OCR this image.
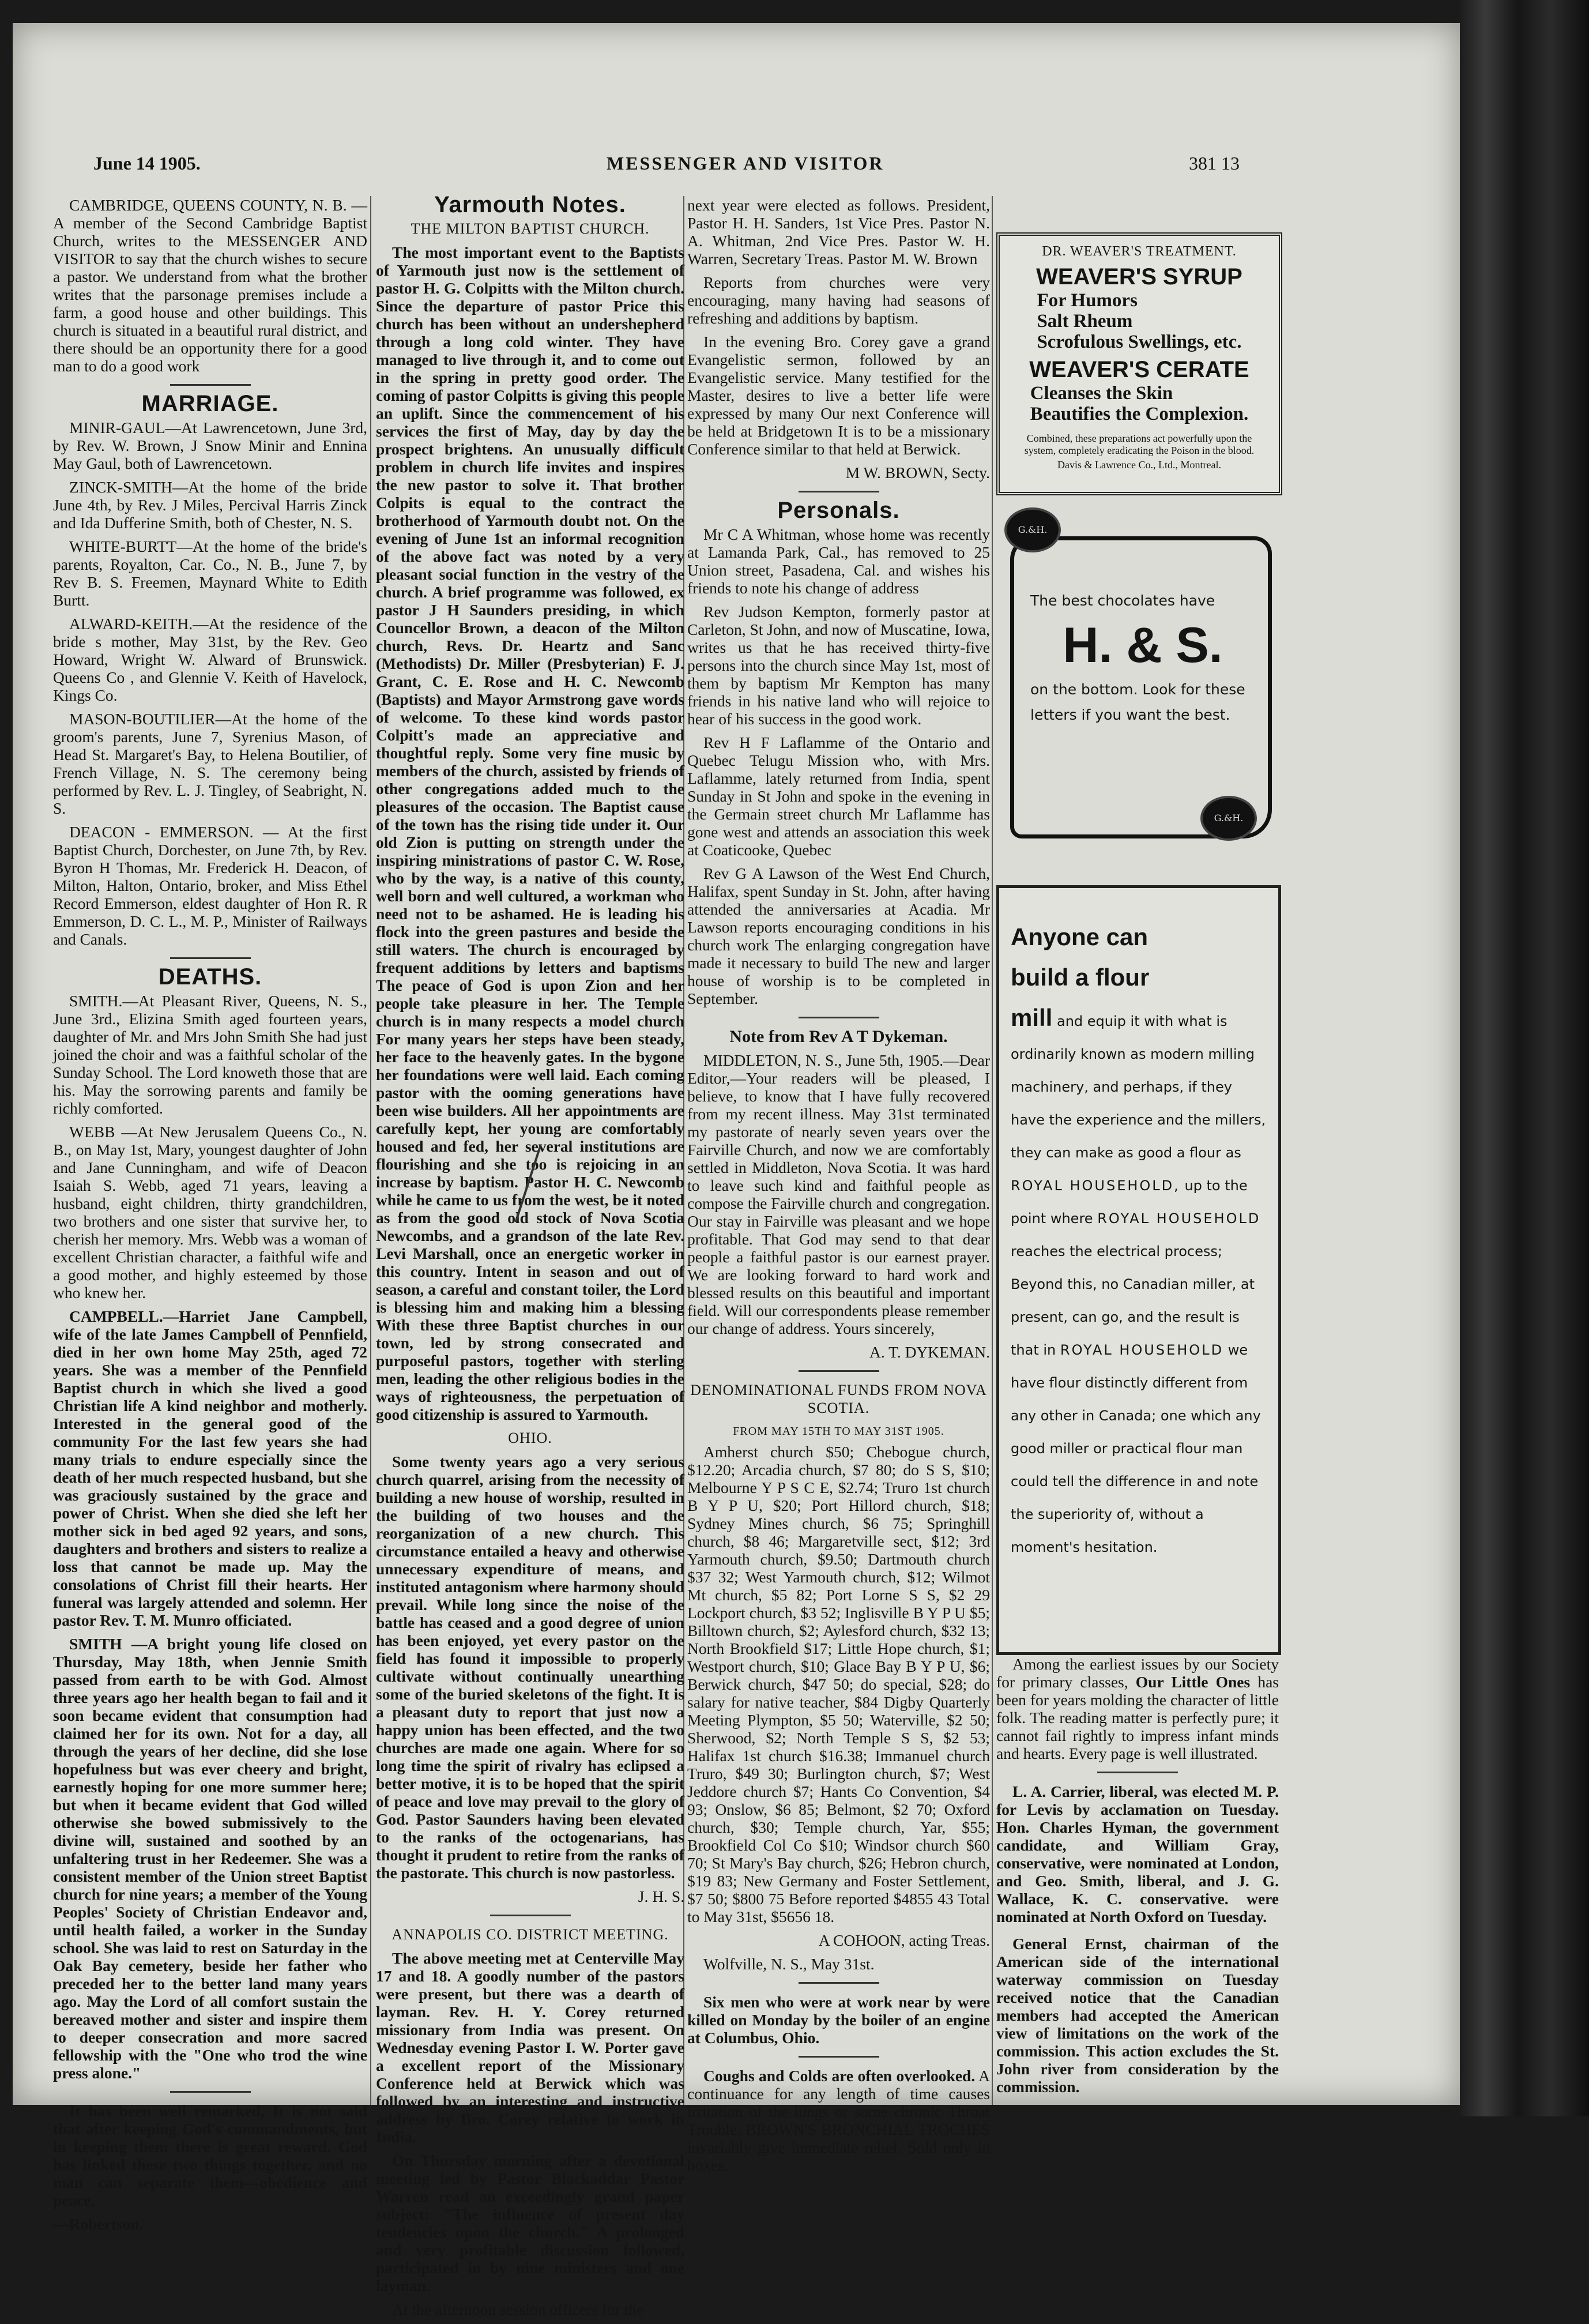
June 14 1905.	MESSENGER AND VISITOR	381 13

CAMBRIDGE, QUEENS COUNTY, N. B. —A member of the Second Cambridge Baptist Church, writes to the MESSENGER AND VISITOR to say that the church wishes to secure a pastor. We understand from what the brother writes that the parsonage premises include a farm, a good house and other buildings. This church is situated in a beautiful rural district, and there should be an opportunity there for a good man to do a good work

MARRIAGE.

MINIR-GAUL—At Lawrencetown, June 3rd, by Rev. W. Brown, J Snow Minir and Ennina May Gaul, both of Lawrencetown.

ZINCK-SMITH—At the home of the bride June 4th, by Rev. J Miles, Percival Harris Zinck and Ida Dufferine Smith, both of Chester, N. S.

WHITE-BURTT—At the home of the bride's parents, Royalton, Car. Co., N. B., June 7, by Rev B. S. Freemen, Maynard White to Edith Burtt.

ALWARD-KEITH.—At the residence of the bride s mother, May 31st, by the Rev. Geo Howard, Wright W. Alward of Brunswick. Queens Co , and Glennie V. Keith of Havelock, Kings Co.

MASON-BOUTILIER—At the home of the groom's parents, June 7, Syrenius Mason, of Head St. Margaret's Bay, to Helena Boutilier, of French Village, N. S. The ceremony being performed by Rev. L. J. Tingley, of Seabright, N. S.

DEACON - EMMERSON. — At the first Baptist Church, Dorchester, on June 7th, by Rev. Byron H Thomas, Mr. Frederick H. Deacon, of Milton, Halton, Ontario, broker, and Miss Ethel Record Emmerson, eldest daughter of Hon R. R Emmerson, D. C. L., M. P., Minister of Railways and Canals.

DEATHS.

SMITH.—At Pleasant River, Queens, N. S., June 3rd., Elizina Smith aged fourteen years, daughter of Mr. and Mrs John Smith She had just joined the choir and was a faithful scholar of the Sunday School. The Lord knoweth those that are his. May the sorrowing parents and family be richly comforted.

WEBB —At New Jerusalem Queens Co., N. B., on May 1st, Mary, youngest daughter of John and Jane Cunningham, and wife of Deacon Isaiah S. Webb, aged 71 years, leaving a husband, eight children, thirty grandchildren, two brothers and one sister that survive her, to cherish her memory. Mrs. Webb was a woman of excellent Christian character, a faithful wife and a good mother, and highly esteemed by those who knew her.

CAMPBELL.—Harriet Jane Campbell, wife of the late James Campbell of Pennfield, died in her own home May 25th, aged 72 years. She was a member of the Pennfield Baptist church in which she lived a good Christian life A kind neighbor and motherly. Interested in the general good of the community For the last few years she had many trials to endure especially since the death of her much respected husband, but she was graciously sustained by the grace and power of Christ. When she died she left her mother sick in bed aged 92 years, and sons, daughters and brothers and sisters to realize a loss that cannot be made up. May the consolations of Christ fill their hearts. Her funeral was largely attended and solemn. Her pastor Rev. T. M. Munro officiated.

SMITH —A bright young life closed on Thursday, May 18th, when Jennie Smith passed from earth to be with God. Almost three years ago her health began to fail and it soon became evident that consumption had claimed her for its own. Not for a day, all through the years of her decline, did she lose hopefulness but was ever cheery and bright, earnestly hoping for one more summer here; but when it became evident that God willed otherwise she bowed submissively to the divine will, sustained and soothed by an unfaltering trust in her Redeemer. She was a consistent member of the Union street Baptist church for nine years; a member of the Young Peoples' Society of Christian Endeavor and, until health failed, a worker in the Sunday school. She was laid to rest on Saturday in the Oak Bay cemetery, beside her father who preceded her to the better land many years ago. May the Lord of all comfort sustain the bereaved mother and sister and inspire them to deeper consecration and more sacred fellowship with the "One who trod the wine press alone."

It has been well remarked, It is not said that after keeping God's commandments, but in keeping them there is great reward. God has linked these two things together, and no man can separate them—obedience and peace.

—Robertson.

Yarmouth Notes.

THE MILTON BAPTIST CHURCH.

The most important event to the Baptists of Yarmouth just now is the settlement of pastor H. G. Colpitts with the Milton church. Since the departure of pastor Price this church has been without an undershepherd through a long cold winter. They have managed to live through it, and to come out in the spring in pretty good order. The coming of pastor Colpitts is giving this people an uplift. Since the commencement of his services the first of May, day by day the prospect brightens. An unusually difficult problem in church life invites and inspires the new pastor to solve it. That brother Colpits is equal to the contract the brotherhood of Yarmouth doubt not. On the evening of June 1st an informal recognition of the above fact was noted by a very pleasant social function in the vestry of the church. A brief programme was followed, ex pastor J H Saunders presiding, in which Councellor Brown, a deacon of the Milton church, Revs. Dr. Heartz and Sanc (Methodists) Dr. Miller (Presbyterian) F. J. Grant, C. E. Rose and H. C. Newcomb (Baptists) and Mayor Armstrong gave words of welcome. To these kind words pastor Colpitt's made an appreciative and thoughtful reply. Some very fine music by members of the church, assisted by friends of other congregations added much to the pleasures of the occasion. The Baptist cause of the town has the rising tide under it. Our old Zion is putting on strength under the inspiring ministrations of pastor C. W. Rose, who by the way, is a native of this county, well born and well cultured, a workman who need not to be ashamed. He is leading his flock into the green pastures and beside the still waters. The church is encouraged by frequent additions by letters and baptisms The peace of God is upon Zion and her people take pleasure in her. The Temple church is in many respects a model church For many years her steps have been steady, her face to the heavenly gates. In the bygone her foundations were well laid. Each coming pastor with the ooming generations have been wise builders. All her appointments are carefully kept, her young are comfortably housed and fed, her several institutions are flourishing and she too is rejoicing in an increase by baptism. Pastor H. C. Newcomb while he came to us from the west, be it noted as from the good old stock of Nova Scotia Newcombs, and a grandson of the late Rev. Levi Marshall, once an energetic worker in this country. Intent in season and out of season, a careful and constant toiler, the Lord is blessing him and making him a blessing With these three Baptist churches in our town, led by strong consecrated and purposeful pastors, together with sterling men, leading the other religious bodies in the ways of righteousness, the perpetuation of good citizenship is assured to Yarmouth.

OHIO.

Some twenty years ago a very serious church quarrel, arising from the necessity of building a new house of worship, resulted in the building of two houses and the reorganization of a new church. This circumstance entailed a heavy and otherwise unnecessary expenditure of means, and instituted antagonism where harmony should prevail. While long since the noise of the battle has ceased and a good degree of union has been enjoyed, yet every pastor on the field has found it impossible to properly cultivate without continually unearthing some of the buried skeletons of the fight. It is a pleasant duty to report that just now a happy union has been effected, and the two churches are made one again. Where for so long time the spirit of rivalry has eclipsed a better motive, it is to be hoped that the spirit of peace and love may prevail to the glory of God. Pastor Saunders having been elevated to the ranks of the octogenarians, has thought it prudent to retire from the ranks of the pastorate. This church is now pastorless.

J. H. S.

ANNAPOLIS CO. DISTRICT MEETING.

The above meeting met at Centerville May 17 and 18. A goodly number of the pastors were present, but there was a dearth of layman. Rev. H. Y. Corey returned missionary from India was present. On Wednesday evening Pastor I. W. Porter gave a excellent report of the Missionary Conference held at Berwick which was followed by an interesting and instructive address by Bro. Corey relative to work in India.

On Thursday morning after a devotional meeting led by Pastor Blackaddar Pastor Warren read an exceedingly grand paper subject: "The influence of present day tendencies upon the church." A prolonged and very profitable discussion followed, participated in by nine ministers and one layman.

At the afternoon session officers for the

next year were elected as follows. President, Pastor H. H. Sanders, 1st Vice Pres. Pastor N. A. Whitman, 2nd Vice Pres. Pastor W. H. Warren, Secretary Treas. Pastor M. W. Brown

Reports from churches were very encouraging, many having had seasons of refreshing and additions by baptism.

In the evening Bro. Corey gave a grand Evangelistic sermon, followed by an Evangelistic service. Many testified for the Master, desires to live a better life were expressed by many Our next Conference will be held at Bridgetown It is to be a missionary Conference similar to that held at Berwick.

M W. BROWN, Secty.

Personals.

Mr C A Whitman, whose home was recently at Lamanda Park, Cal., has removed to 25 Union street, Pasadena, Cal. and wishes his friends to note his change of address

Rev Judson Kempton, formerly pastor at Carleton, St John, and now of Muscatine, Iowa, writes us that he has received thirty-five persons into the church since May 1st, most of them by baptism Mr Kempton has many friends in his native land who will rejoice to hear of his success in the good work.

Rev H F Laflamme of the Ontario and Quebec Telugu Mission who, with Mrs. Laflamme, lately returned from India, spent Sunday in St John and spoke in the evening in the Germain street church Mr Laflamme has gone west and attends an association this week at Coaticooke, Quebec

Rev G A Lawson of the West End Church, Halifax, spent Sunday in St. John, after having attended the anniversaries at Acadia. Mr Lawson reports encouraging conditions in his church work The enlarging congregation have made it necessary to build The new and larger house of worship is to be completed in September.

Note from Rev A T Dykeman.

MIDDLETON, N. S., June 5th, 1905.—Dear Editor,—Your readers will be pleased, I believe, to know that I have fully recovered from my recent illness. May 31st terminated my pastorate of nearly seven years over the Fairville Church, and now we are comfortably settled in Middleton, Nova Scotia. It was hard to leave such kind and faithful people as compose the Fairville church and congregation. Our stay in Fairville was pleasant and we hope profitable. That God may send to that dear people a faithful pastor is our earnest prayer. We are looking forward to hard work and blessed results on this beautiful and important field. Will our correspondents please remember our change of address. Yours sincerely,

A. T. DYKEMAN.

DENOMINATIONAL FUNDS FROM NOVA SCOTIA.

FROM MAY 15TH TO MAY 31ST 1905.

Amherst church $50; Chebogue church, $12.20; Arcadia church, $7 80; do S S, $10; Melbourne Y P S C E, $2.74; Truro 1st church B Y P U, $20; Port Hillord church, $18; Sydney Mines church, $6 75; Springhill church, $8 46; Margaretville sect, $12; 3rd Yarmouth church, $9.50; Dartmouth church $37 32; West Yarmouth church, $12; Wilmot Mt church, $5 82; Port Lorne S S, $2 29 Lockport church, $3 52; Inglisville B Y P U $5; Billtown church, $2; Aylesford church, $32 13; North Brookfield $17; Little Hope church, $1; Westport church, $10; Glace Bay B Y P U, $6; Berwick church, $47 50; do special, $28; do salary for native teacher, $84 Digby Quarterly Meeting Plympton, $5 50; Waterville, $2 50; Sherwood, $2; North Temple S S, $2 53; Halifax 1st church $16.38; Immanuel church Truro, $49 30; Burlington church, $7; West Jeddore church $7; Hants Co Convention, $4 93; Onslow, $6 85; Belmont, $2 70; Oxford church, $30; Temple church, Yar, $55; Brookfield Col Co $10; Windsor church $60 70; St Mary's Bay church, $26; Hebron church, $19 83; New Germany and Foster Settlement, $7 50; $800 75 Before reported $4855 43 Total to May 31st, $5656 18.

A COHOON, acting Treas.

Wolfville, N. S., May 31st.

Six men who were at work near by were killed on Monday by the boiler of an engine at Columbus, Ohio.

Coughs and Colds are often overlooked. A continuance for any length of time causes irritation of the lungs or some chronic Throat Trouble. BROWN'S BRONCHIAL TROCHES invariably give immediate relief. Sold only in boxes.

DR. WEAVER'S TREATMENT.
WEAVER'S SYRUP
For Humors
Salt Rheum
Scrofulous Swellings, etc.
WEAVER'S CERATE
Cleanses the Skin
Beautifies the Complexion.
Combined, these preparations act powerfully upon the system, completely eradicating the Poison in the blood.
Davis & Lawrence Co., Ltd., Montreal.
G.&H.
G.&H.
The best chocolates have
H. & S.
on the bottom. Look for these letters if you want the best.
Anyone can
build a flour
mill and equip it with what is ordinarily known as modern milling machinery, and perhaps, if they have the experience and the millers, they can make as good a flour as
ROYAL HOUSEHOLD, up to the point where ROYAL HOUSEHOLD reaches the electrical process; Beyond this, no Canadian miller, at present, can go, and the result is that in ROYAL HOUSEHOLD we have flour distinctly different from any other in Canada; one which any good miller or practical flour man could tell the difference in and note the superiority of, without a moment's hesitation.

Among the earliest issues by our Society for primary classes, Our Little Ones has been for years molding the character of little folk. The reading matter is perfectly pure; it cannot fail rightly to impress infant minds and hearts. Every page is well illustrated.

L. A. Carrier, liberal, was elected M. P. for Levis by acclamation on Tuesday. Hon. Charles Hyman, the government candidate, and William Gray, conservative, were nominated at London, and Geo. Smith, liberal, and J. G. Wallace, K. C. conservative. were nominated at North Oxford on Tuesday.

General Ernst, chairman of the American side of the international waterway commission on Tuesday received notice that the Canadian members had accepted the American view of limitations on the work of the commission. This action excludes the St. John river from consideration by the commission.
